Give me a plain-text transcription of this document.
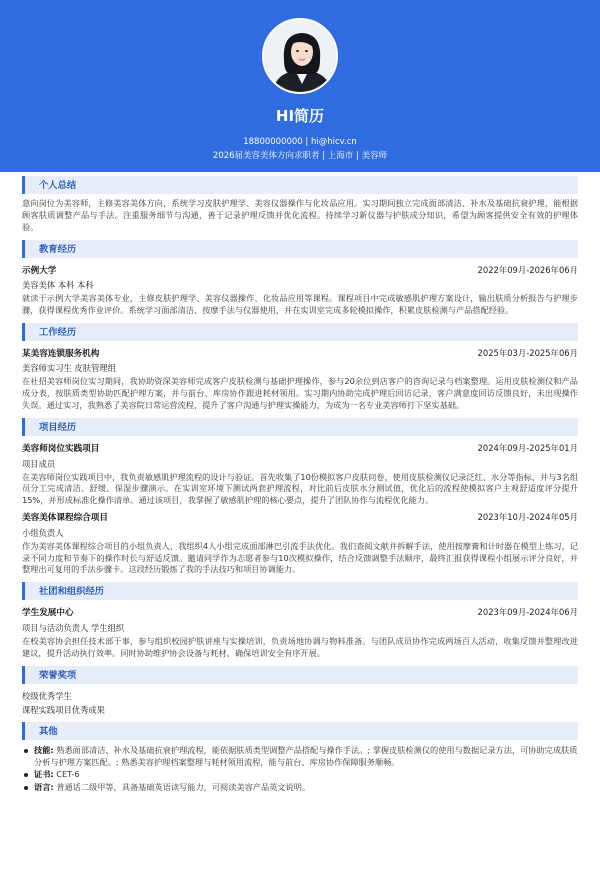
HI简历
18800000000 | hi@hicv.cn
2026届美容美体方向求职者 | 上海市 | 美容师
个人总结
意向岗位为美容师，主修美容美体方向，系统学习皮肤护理学、美容仪器操作与化妆品应用。实习期间独立完成面部清洁、补水及基础抗衰护理，能根据顾客肤质调整产品与手法。注重服务细节与沟通，善于记录护理反馈并优化流程。持续学习新仪器与护肤成分知识，希望为顾客提供安全有效的护理体验。
教育经历
示例大学	2022年09月-2026年06月
美容美体 本科 本科
就读于示例大学美容美体专业，主修皮肤护理学、美容仪器操作、化妆品应用等课程。课程项目中完成敏感肌护理方案设计，输出肤质分析报告与护理步骤，获得课程优秀作业评价。系统学习面部清洁、按摩手法与仪器使用，并在实训室完成多轮模拟操作，积累皮肤检测与产品搭配经验。
工作经历
某美容连锁服务机构	2025年03月-2025年06月
美容师实习生 皮肤管理组
在社招美容师岗位实习期间，我协助资深美容师完成客户皮肤检测与基础护理操作，参与20余位到店客户的咨询记录与档案整理。运用皮肤检测仪和产品成分表，按肤质类型协助匹配护理方案，并与前台、库房协作跟进耗材领用。实习期内协助完成护理后回访记录，客户满意度回访反馈良好，未出现操作失误。通过实习，我熟悉了美容院日常运营流程，提升了客户沟通与护理实操能力，为成为一名专业美容师打下坚实基础。
项目经历
美容师岗位实践项目	2024年09月-2025年01月
项目成员
在美容师岗位实践项目中，我负责敏感肌护理流程的设计与验证。首先收集了10份模拟客户皮肤问卷，使用皮肤检测仪记录泛红、水分等指标，并与3名组员分工完成清洁、舒缓、保湿步骤演示。在实训室环境下测试两套护理流程，对比前后皮肤水分测试值，优化后的流程使模拟客户主观舒适度评分提升15%，并形成标准化操作清单。通过该项目，我掌握了敏感肌护理的核心要点，提升了团队协作与流程优化能力。
美容美体课程综合项目	2023年10月-2024年05月
小组负责人
作为美容美体课程综合项目的小组负责人，我组织4人小组完成面部淋巴引流手法优化。我们查阅文献并拆解手法，使用按摩膏和计时器在模型上练习，记录不同力度和节奏下的操作时长与舒适反馈。邀请同学作为志愿者参与10次模拟操作，结合反馈调整手法顺序，最终汇报获得课程小组展示评分良好，并整理出可复用的手法步骤卡。这段经历锻炼了我的手法技巧和项目协调能力。
社团和组织经历
学生发展中心	2023年09月-2024年06月
项目与活动负责人 学生组织
在校美容协会担任技术部干事，参与组织校园护肤讲座与实操培训，负责场地协调与物料准备。与团队成员协作完成两场百人活动，收集反馈并整理改进建议，提升活动执行效率。同时协助维护协会设备与耗材，确保培训安全有序开展。
荣誉奖项
校级优秀学生
课程实践项目优秀成果
其他
技能: 熟悉面部清洁、补水及基础抗衰护理流程，能依据肤质类型调整产品搭配与操作手法。; 掌握皮肤检测仪的使用与数据记录方法，可协助完成肤质分析与护理方案匹配。; 熟悉美容护理档案整理与耗材领用流程，能与前台、库房协作保障服务顺畅。
证书: CET-6
语言: 普通话二级甲等，具备基础英语读写能力，可阅读美容产品英文说明。
